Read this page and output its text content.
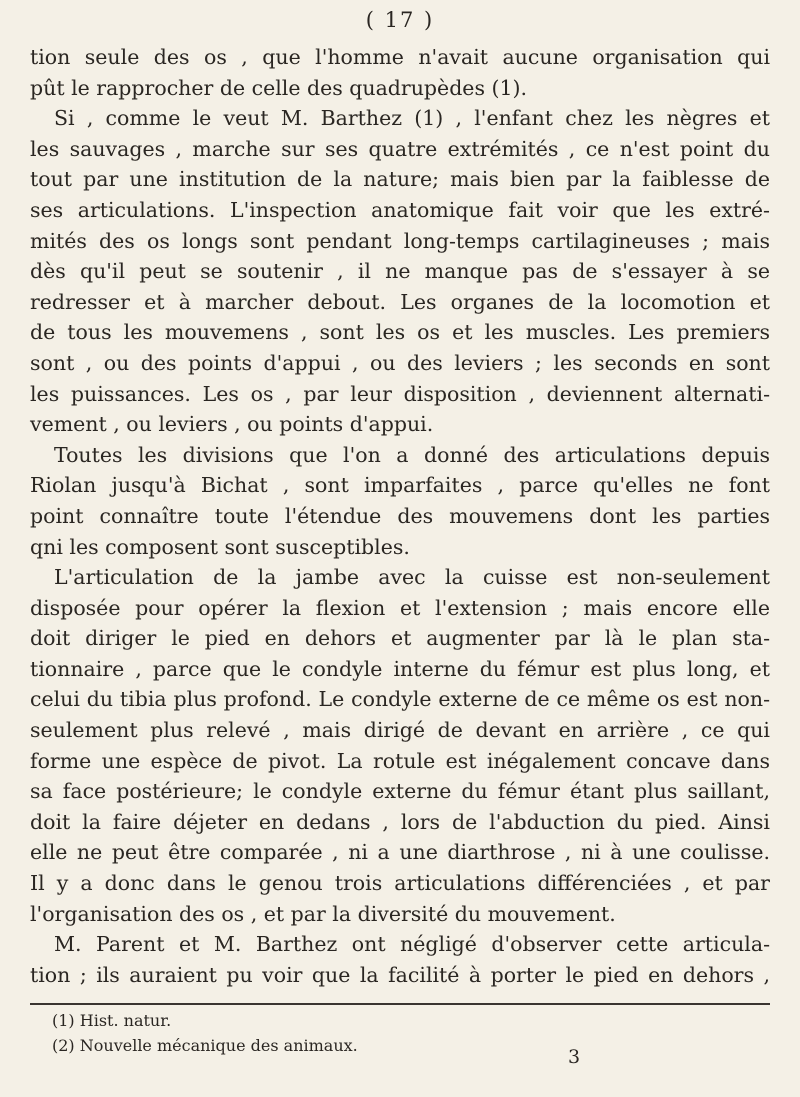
( 17 )
tion seule des os , que l'homme n'avait aucune organisation qui
pût le rapprocher de celle des quadrupèdes (1).
Si , comme le veut M. Barthez (1) , l'enfant chez les nègres et
les sauvages , marche sur ses quatre extrémités , ce n'est point du
tout par une institution de la nature; mais bien par la faiblesse de
ses articulations. L'inspection anatomique fait voir que les extré-
mités des os longs sont pendant long-temps cartilagineuses ; mais
dès qu'il peut se soutenir , il ne manque pas de s'essayer à se
redresser et à marcher debout. Les organes de la locomotion et
de tous les mouvemens , sont les os et les muscles. Les premiers
sont , ou des points d'appui , ou des leviers ; les seconds en sont
les puissances. Les os , par leur disposition , deviennent alternati-
vement , ou leviers , ou points d'appui.
Toutes les divisions que l'on a donné des articulations depuis
Riolan jusqu'à Bichat , sont imparfaites , parce qu'elles ne font
point connaître toute l'étendue des mouvemens dont les parties
qni les composent sont susceptibles.
L'articulation de la jambe avec la cuisse est non-seulement
disposée pour opérer la flexion et l'extension ; mais encore elle
doit diriger le pied en dehors et augmenter par là le plan sta-
tionnaire , parce que le condyle interne du fémur est plus long, et
celui du tibia plus profond. Le condyle externe de ce même os est non-
seulement plus relevé , mais dirigé de devant en arrière , ce qui
forme une espèce de pivot. La rotule est inégalement concave dans
sa face postérieure; le condyle externe du fémur étant plus saillant,
doit la faire déjeter en dedans , lors de l'abduction du pied. Ainsi
elle ne peut être comparée , ni a une diarthrose , ni à une coulisse.
Il y a donc dans le genou trois articulations différenciées , et par
l'organisation des os , et par la diversité du mouvement.
M. Parent et M. Barthez ont négligé d'observer cette articula-
tion ; ils auraient pu voir que la facilité à porter le pied en dehors ,
(1) Hist. natur.
(2) Nouvelle mécanique des animaux.
3
